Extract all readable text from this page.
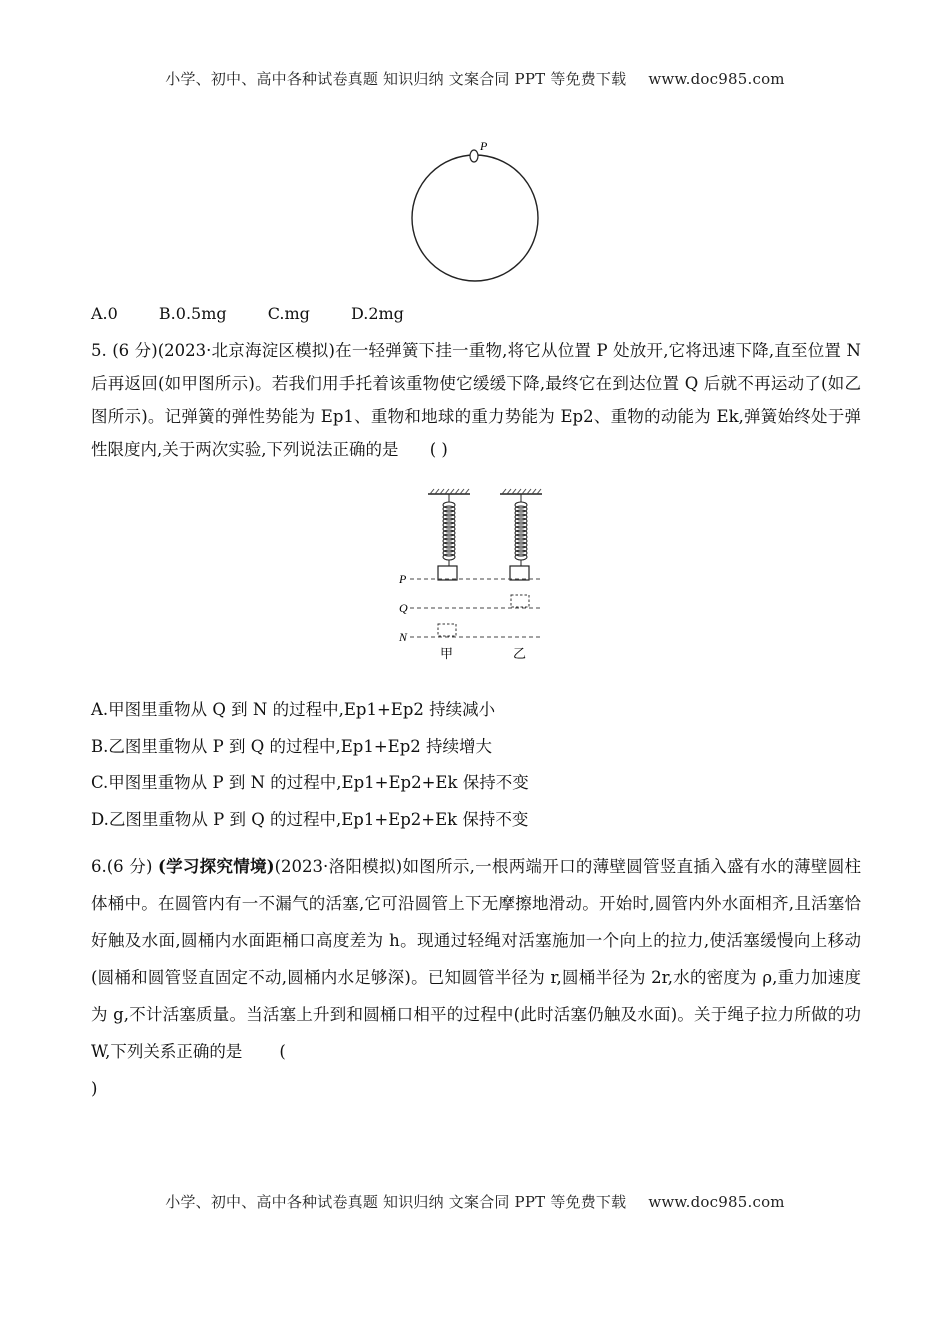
小学、初中、高中各种试卷真题 知识归纳 文案合同 PPT 等免费下载 www.doc985.com
P
A.0	B.0.5mg	C.mg	D.2mg
5. (6 分)(2023·北京海淀区模拟)在一轻弹簧下挂一重物,将它从位置 P 处放开,它将迅速下降,直至位置 N 后再返回(如甲图所示)。若我们用手托着该重物使它缓缓下降,最终它在到达位置 Q 后就不再运动了(如乙图所示)。记弹簧的弹性势能为 Ep1、重物和地球的重力势能为 Ep2、重物的动能为 Ek,弹簧始终处于弹性限度内,关于两次实验,下列说法正确的是 ( )
P
Q
N
甲	乙
A.甲图里重物从 Q 到 N 的过程中,Ep1+Ep2 持续减小
B.乙图里重物从 P 到 Q 的过程中,Ep1+Ep2 持续增大
C.甲图里重物从 P 到 N 的过程中,Ep1+Ep2+Ek 保持不变
D.乙图里重物从 P 到 Q 的过程中,Ep1+Ep2+Ek 保持不变
6.(6 分) (学习探究情境)(2023·洛阳模拟)如图所示,一根两端开口的薄壁圆管竖直插入盛有水的薄壁圆柱体桶中。在圆管内有一不漏气的活塞,它可沿圆管上下无摩擦地滑动。开始时,圆管内外水面相齐,且活塞恰好触及水面,圆桶内水面距桶口高度差为 h。现通过轻绳对活塞施加一个向上的拉力,使活塞缓慢向上移动(圆桶和圆管竖直固定不动,圆桶内水足够深)。已知圆管半径为 r,圆桶半径为 2r,水的密度为 ρ,重力加速度为 g,不计活塞质量。当活塞上升到和圆桶口相平的过程中(此时活塞仍触及水面)。关于绳子拉力所做的功 W,下列关系正确的是 (
)
小学、初中、高中各种试卷真题 知识归纳 文案合同 PPT 等免费下载 www.doc985.com
